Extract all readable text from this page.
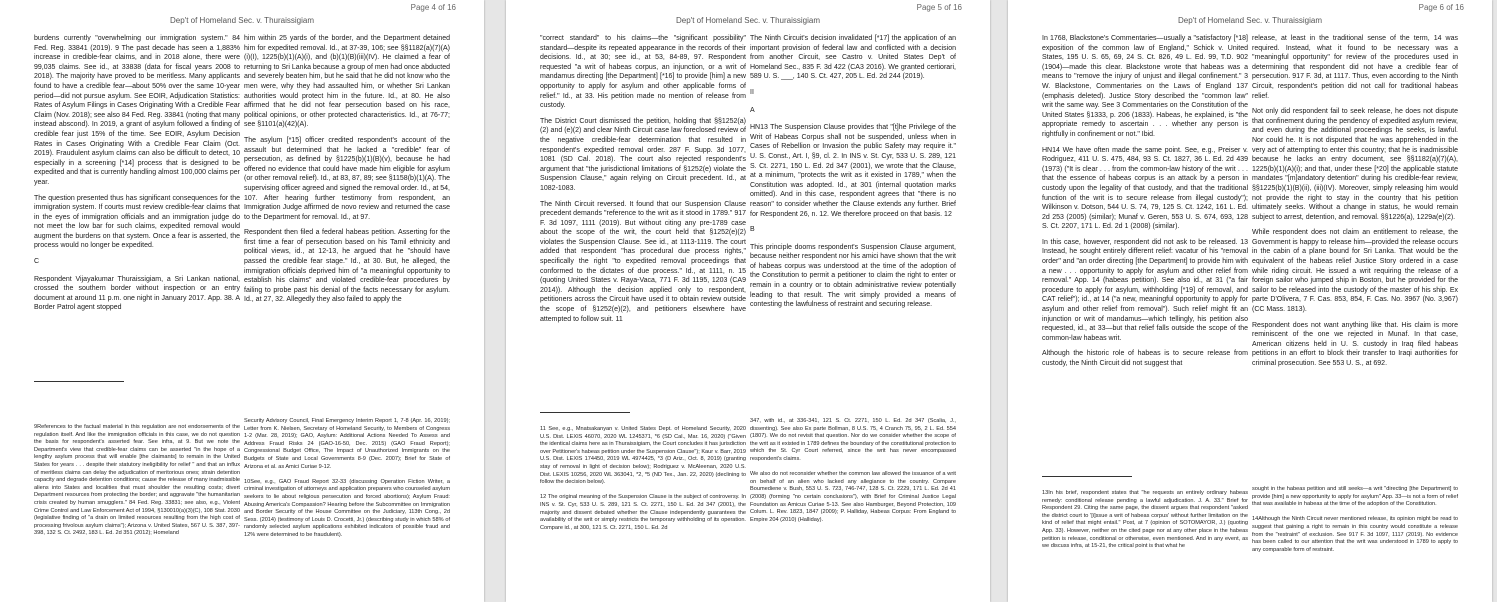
Page 4 of 16
Dep't of Homeland Sec. v. Thuraissigiam

burdens currently "overwhelming our immigration system." 84 Fed. Reg. 33841 (2019). 9 The past decade has seen a 1,883% increase in credible-fear claims, and in 2018 alone, there were 99,035 claims. See id., at 33838 (data for fiscal years 2008 to 2018). The majority have proved to be meritless. Many applicants found to have a credible fear—about 50% over the same 10-year period—did not pursue asylum. See EOIR, Adjudication Statistics: Rates of Asylum Filings in Cases Originating With a Credible Fear Claim (Nov. 2018); see also 84 Fed. Reg. 33841 (noting that many instead abscond). In 2019, a grant of asylum followed a finding of credible fear just 15% of the time. See EOIR, Asylum Decision Rates in Cases Originating With a Credible Fear Claim (Oct. 2019). Fraudulent asylum claims can also be difficult to detect, 10 especially in a screening [*14] process that is designed to be expedited and that is currently handling almost 100,000 claims per year.

The question presented thus has significant consequences for the immigration system. If courts must review credible-fear claims that in the eyes of immigration officials and an immigration judge do not meet the low bar for such claims, expedited removal would augment the burdens on that system. Once a fear is asserted, the process would no longer be expedited.

C

Respondent Vijayakumar Thuraissigiam, a Sri Lankan national, crossed the southern border without inspection or an entry document at around 11 p.m. one night in January 2017. App. 38. A Border Patrol agent stopped

him within 25 yards of the border, and the Department detained him for expedited removal. Id., at 37-39, 106; see §§1182(a)(7)(A)(i)(I), 1225(b)(1)(A)(i), and (b)(1)(B)(iii)(IV). He claimed a fear of returning to Sri Lanka because a group of men had once abducted and severely beaten him, but he said that he did not know who the men were, why they had assaulted him, or whether Sri Lankan authorities would protect him in the future. Id., at 80. He also affirmed that he did not fear persecution based on his race, political opinions, or other protected characteristics. Id., at 76-77; see §1101(a)(42)(A).

The asylum [*15] officer credited respondent's account of the assault but determined that he lacked a "credible" fear of persecution, as defined by §1225(b)(1)(B)(v), because he had offered no evidence that could have made him eligible for asylum (or other removal relief). Id., at 83, 87, 89; see §1158(b)(1)(A). The supervising officer agreed and signed the removal order. Id., at 54, 107. After hearing further testimony from respondent, an Immigration Judge affirmed de novo review and returned the case to the Department for removal. Id., at 97.

Respondent then filed a federal habeas petition. Asserting for the first time a fear of persecution based on his Tamil ethnicity and political views, id., at 12-13, he argued that he "should have passed the credible fear stage." Id., at 30. But, he alleged, the immigration officials deprived him of "a meaningful opportunity to establish his claims" and violated credible-fear procedures by failing to probe past his denial of the facts necessary for asylum. Id., at 27, 32. Allegedly they also failed to apply the

9References to the factual material in this regulation are not endorsements of the regulation itself. And like the immigration officials in this case, we do not question the basis for respondent's asserted fear. See infra, at 9. But we note the Department's view that credible-fear claims can be asserted "in the hope of a lengthy asylum process that will enable [the claimants] to remain in the United States for years . . . despite their statutory ineligibility for relief " and that an influx of meritless claims can delay the adjudication of meritorious ones; strain detention capacity and degrade detention conditions; cause the release of many inadmissible aliens into States and localities that must shoulder the resulting costs; divert Department resources from protecting the border; and aggravate "the humanitarian crisis created by human smugglers." 84 Fed. Reg. 33831; see also, e.g., Violent Crime Control and Law Enforcement Act of 1994, §130010(a)(3)(C), 108 Stat. 2030 (legislative finding of "a drain on limited resources resulting from the high cost of processing frivolous asylum claims"); Arizona v. United States, 567 U. S. 387, 397-398, 132 S. Ct. 2492, 183 L. Ed. 2d 351 (2012); Homeland
Security Advisory Council, Final Emergency Interim Report 1, 7-8 (Apr. 16, 2019); Letter from K. Nielsen, Secretary of Homeland Security, to Members of Congress 1-2 (Mar. 28, 2019); GAO, Asylum: Additional Actions Needed To Assess and Address Fraud Risks 24 (GAO-16-50, Dec. 2015) (GAO Fraud Report); Congressional Budget Office, The Impact of Unauthorized Immigrants on the Budgets of State and Local Governments 8-9 (Dec. 2007); Brief for State of Arizona et al. as Amici Curiae 9-12.

10See, e.g., GAO Fraud Report 32-33 (discussing Operation Fiction Writer, a criminal investigation of attorneys and application preparers who counseled asylum seekers to lie about religious persecution and forced abortions); Asylum Fraud: Abusing America's Compassion? Hearing before the Subcommittee on Immigration and Border Security of the House Committee on the Judiciary, 113th Cong., 2d Sess. (2014) (testimony of Louis D. Crocetti, Jr.) (describing study in which 58% of randomly selected asylum applications exhibited indicators of possible fraud and 12% were determined to be fraudulent).
Page 5 of 16
Dep't of Homeland Sec. v. Thuraissigiam

"correct standard" to his claims—the "significant possibility" standard—despite its repeated appearance in the records of their decisions. Id., at 30; see id., at 53, 84-89, 97. Respondent requested "a writ of habeas corpus, an injunction, or a writ of mandamus directing [the Department] [*16] to provide [him] a new opportunity to apply for asylum and other applicable forms of relief." Id., at 33. His petition made no mention of release from custody.

The District Court dismissed the petition, holding that §§1252(a)(2) and (e)(2) and clear Ninth Circuit case law foreclosed review of the negative credible-fear determination that resulted in respondent's expedited removal order. 287 F. Supp. 3d 1077, 1081 (SD Cal. 2018). The court also rejected respondent's argument that "the jurisdictional limitations of §1252(e) violate the Suspension Clause," again relying on Circuit precedent. Id., at 1082-1083.

The Ninth Circuit reversed. It found that our Suspension Clause precedent demands "reference to the writ as it stood in 1789." 917 F. 3d 1097, 1111 (2019). But without citing any pre-1789 case about the scope of the writ, the court held that §1252(e)(2) violates the Suspension Clause. See id., at 1113-1119. The court added that respondent "has procedural due process rights," specifically the right "to expedited removal proceedings that conformed to the dictates of due process." Id., at 1111, n. 15 (quoting United States v. Raya-Vaca, 771 F. 3d 1195, 1203 (CA9 2014)). Although the decision applied only to respondent, petitioners across the Circuit have used it to obtain review outside the scope of §1252(e)(2), and petitioners elsewhere have attempted to follow suit. 11

The Ninth Circuit's decision invalidated [*17] the application of an important provision of federal law and conflicted with a decision from another Circuit, see Castro v. United States Dep't of Homeland Sec., 835 F. 3d 422 (CA3 2016). We granted certiorari, 589 U. S. ___, 140 S. Ct. 427, 205 L. Ed. 2d 244 (2019).

II

A

HN13 The Suspension Clause provides that "[t]he Privilege of the Writ of Habeas Corpus shall not be suspended, unless when in Cases of Rebellion or Invasion the public Safety may require it." U. S. Const., Art. I, §9, cl. 2. In INS v. St. Cyr, 533 U. S. 289, 121 S. Ct. 2271, 150 L. Ed. 2d 347 (2001), we wrote that the Clause, at a minimum, "protects the writ as it existed in 1789," when the Constitution was adopted. Id., at 301 (internal quotation marks omitted). And in this case, respondent agrees that "there is no reason" to consider whether the Clause extends any further. Brief for Respondent 26, n. 12. We therefore proceed on that basis. 12

B

This principle dooms respondent's Suspension Clause argument, because neither respondent nor his amici have shown that the writ of habeas corpus was understood at the time of the adoption of the Constitution to permit a petitioner to claim the right to enter or remain in a country or to obtain administrative review potentially leading to that result. The writ simply provided a means of contesting the lawfulness of restraint and securing release.

11 See, e.g., Mnatsakanyan v. United States Dept. of Homeland Security, 2020 U.S. Dist. LEXIS 46070, 2020 WL 1245371, *6 (SD Cal., Mar. 16, 2020) ("Given the identical claims here as in Thuraissigiam, the Court concludes it has jurisdiction over Petitioner's habeas petition under the Suspension Clause"); Kaur v. Barr, 2019 U.S. Dist. LEXIS 174450, 2019 WL 4974425, *3 (D Ariz., Oct. 8, 2019) (granting stay of removal in light of decision below); Rodriguez v. McAleenan, 2020 U.S. Dist. LEXIS 10256, 2020 WL 363041, *2, *5 (ND Tex., Jan. 22, 2020) (declining to follow the decision below).

12 The original meaning of the Suspension Clause is the subject of controversy. In INS v. St. Cyr, 533 U. S. 289, 121 S. Ct. 2271, 150 L. Ed. 2d 347 (2001), the majority and dissent debated whether the Clause independently guarantees the availability of the writ or simply restricts the temporary withholding of its operation. Compare id., at 300, 121 S. Ct. 2271, 150 L. Ed. 2d
347, with id., at 336-341, 121 S. Ct. 2271, 150 L. Ed. 2d 347 (Scalia, J., dissenting). See also Ex parte Bollman, 8 U.S. 75, 4 Cranch 75, 95, 2 L. Ed. 554 (1807). We do not revisit that question. Nor do we consider whether the scope of the writ as it existed in 1789 defines the boundary of the constitutional protection to which the St. Cyr Court referred, since the writ has never encompassed respondent's claims.

We also do not reconsider whether the common law allowed the issuance of a writ on behalf of an alien who lacked any allegiance to the country. Compare Boumediene v. Bush, 553 U. S. 723, 746-747, 128 S. Ct. 2229, 171 L. Ed. 2d 41 (2008) (forming "no certain conclusions"), with Brief for Criminal Justice Legal Foundation as Amicus Curiae 5-13. See also Hamburger, Beyond Protection, 109 Colum. L. Rev. 1823, 1847 (2009); P. Halliday, Habeas Corpus: From England to Empire 204 (2010) (Halliday).
Page 6 of 16
Dep't of Homeland Sec. v. Thuraissigiam

In 1768, Blackstone's Commentaries—usually a "satisfactory [*18] exposition of the common law of England," Schick v. United States, 195 U. S. 65, 69, 24 S. Ct. 826, 49 L. Ed. 99, T.D. 902 (1904)—made this clear. Blackstone wrote that habeas was a means to "remove the injury of unjust and illegal confinement." 3 W. Blackstone, Commentaries on the Laws of England 137 (emphasis deleted). Justice Story described the "common law" writ the same way. See 3 Commentaries on the Constitution of the United States §1333, p. 206 (1833). Habeas, he explained, is "the appropriate remedy to ascertain . . . whether any person is rightfully in confinement or not." Ibid.

HN14 We have often made the same point. See, e.g., Preiser v. Rodriguez, 411 U. S. 475, 484, 93 S. Ct. 1827, 36 L. Ed. 2d 439 (1973) ("It is clear . . . from the common-law history of the writ . . . that the essence of habeas corpus is an attack by a person in custody upon the legality of that custody, and that the traditional function of the writ is to secure release from illegal custody"); Wilkinson v. Dotson, 544 U. S. 74, 79, 125 S. Ct. 1242, 161 L. Ed. 2d 253 (2005) (similar); Munaf v. Geren, 553 U. S. 674, 693, 128 S. Ct. 2207, 171 L. Ed. 2d 1 (2008) (similar).

In this case, however, respondent did not ask to be released. 13 Instead, he sought entirely different relief: vacatur of his "removal order" and "an order directing [the Department] to provide him with a new . . . opportunity to apply for asylum and other relief from removal." App. 14 (habeas petition). See also id., at 31 ("a fair procedure to apply for asylum, withholding [*19] of removal, and CAT relief"); id., at 14 ("a new, meaningful opportunity to apply for asylum and other relief from removal"). Such relief might fit an injunction or writ of mandamus—which tellingly, his petition also requested, id., at 33—but that relief falls outside the scope of the common-law habeas writ.

Although the historic role of habeas is to secure release from custody, the Ninth Circuit did not suggest that

release, at least in the traditional sense of the term, 14 was required. Instead, what it found to be necessary was a "meaningful opportunity" for review of the procedures used in determining that respondent did not have a credible fear of persecution. 917 F. 3d, at 1117. Thus, even according to the Ninth Circuit, respondent's petition did not call for traditional habeas relief.

Not only did respondent fail to seek release, he does not dispute that confinement during the pendency of expedited asylum review, and even during the additional proceedings he seeks, is lawful. Nor could he. It is not disputed that he was apprehended in the very act of attempting to enter this country; that he is inadmissible because he lacks an entry document, see §§1182(a)(7)(A), 1225(b)(1)(A)(i); and that, under these [*20] the applicable statute mandates "[m]andatory detention" during his credible-fear review, §§1225(b)(1)(B)(ii), (iii)(IV). Moreover, simply releasing him would not provide the right to stay in the country that his petition ultimately seeks. Without a change in status, he would remain subject to arrest, detention, and removal. §§1226(a), 1229a(e)(2).

While respondent does not claim an entitlement to release, the Government is happy to release him—provided the release occurs in the cabin of a plane bound for Sri Lanka. That would be the equivalent of the habeas relief Justice Story ordered in a case while riding circuit. He issued a writ requiring the release of a foreign sailor who jumped ship in Boston, but he provided for the sailor to be released into the custody of the master of his ship. Ex parte D'Olivera, 7 F. Cas. 853, 854, F. Cas. No. 3967 (No. 3,967) (CC Mass. 1813).

Respondent does not want anything like that. His claim is more reminiscent of the one we rejected in Munaf. In that case, American citizens held in U. S. custody in Iraq filed habeas petitions in an effort to block their transfer to Iraqi authorities for criminal prosecution. See 553 U. S., at 692.

13In his brief, respondent states that "he requests an entirely ordinary habeas remedy: conditional release pending a lawful adjudication. J. A. 33." Brief for Respondent 29. Citing the same page, the dissent argues that respondent "asked the district court to '[i]ssue a writ of habeas corpus' without further limitation on the kind of relief that might entail." Post, at 7 (opinion of SOTOMAYOR, J.) (quoting App. 33). However, neither on the cited page nor at any other place in the habeas petition is release, conditional or otherwise, even mentioned. And in any event, as we discuss infra, at 15-21, the critical point is that what he
sought in the habeas petition and still seeks—a writ "directing [the Department] to provide [him] a new opportunity to apply for asylum" App. 33—is not a form of relief that was available in habeas at the time of the adoption of the Constitution.

14Although the Ninth Circuit never mentioned release, its opinion might be read to suggest that gaining a right to remain in this country would constitute a release from the "restraint" of exclusion. See 917 F. 3d 1097, 1117 (2019). No evidence has been called to our attention that the writ was understood in 1789 to apply to any comparable form of restraint.
